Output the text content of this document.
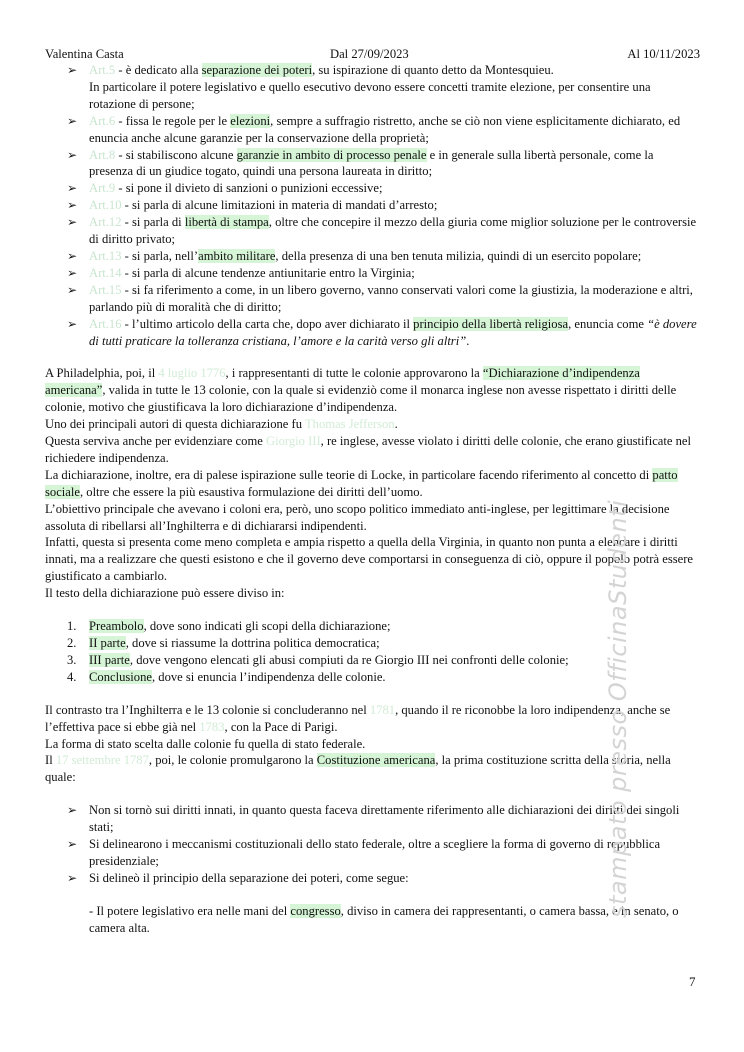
Valentina Casta	Dal 27/09/2023	Al 10/11/2023
➢ Art.5 - è dedicato alla separazione dei poteri, su ispirazione di quanto detto da Montesquieu.
In particolare il potere legislativo e quello esecutivo devono essere concetti tramite elezione, per consentire una rotazione di persone;
➢ Art.6 - fissa le regole per le elezioni, sempre a suffragio ristretto, anche se ciò non viene esplicitamente dichiarato, ed enuncia anche alcune garanzie per la conservazione della proprietà;
➢ Art.8 - si stabiliscono alcune garanzie in ambito di processo penale e in generale sulla libertà personale, come la presenza di un giudice togato, quindi una persona laureata in diritto;
➢ Art.9 - si pone il divieto di sanzioni o punizioni eccessive;
➢ Art.10 - si parla di alcune limitazioni in materia di mandati d’arresto;
➢ Art.12 - si parla di libertà di stampa, oltre che concepire il mezzo della giuria come miglior soluzione per le controversie di diritto privato;
➢ Art.13 - si parla, nell’ambito militare, della presenza di una ben tenuta milizia, quindi di un esercito popolare;
➢ Art.14 - si parla di alcune tendenze antiunitarie entro la Virginia;
➢ Art.15 - si fa riferimento a come, in un libero governo, vanno conservati valori come la giustizia, la moderazione e altri, parlando più di moralità che di diritto;
➢ Art.16 - l’ultimo articolo della carta che, dopo aver dichiarato il principio della libertà religiosa, enuncia come “è dovere di tutti praticare la tolleranza cristiana, l’amore e la carità verso gli altri”.

A Philadelphia, poi, il 4 luglio 1776, i rappresentanti di tutte le colonie approvarono la “Dichiarazione d’indipendenza americana”, valida in tutte le 13 colonie, con la quale si evidenziò come il monarca inglese non avesse rispettato i diritti delle colonie, motivo che giustificava la loro dichiarazione d’indipendenza.

Uno dei principali autori di questa dichiarazione fu Thomas Jefferson.

Questa serviva anche per evidenziare come Giorgio III, re inglese, avesse violato i diritti delle colonie, che erano giustificate nel richiedere indipendenza.

La dichiarazione, inoltre, era di palese ispirazione sulle teorie di Locke, in particolare facendo riferimento al concetto di patto sociale, oltre che essere la più esaustiva formulazione dei diritti dell’uomo.

L’obiettivo principale che avevano i coloni era, però, uno scopo politico immediato anti-inglese, per legittimare la decisione assoluta di ribellarsi all’Inghilterra e di dichiararsi indipendenti.

Infatti, questa si presenta come meno completa e ampia rispetto a quella della Virginia, in quanto non punta a elencare i diritti innati, ma a realizzare che questi esistono e che il governo deve comportarsi in conseguenza di ciò, oppure il popolo potrà essere giustificato a cambiarlo.

Il testo della dichiarazione può essere diviso in:

1. Preambolo, dove sono indicati gli scopi della dichiarazione;
2. II parte, dove si riassume la dottrina politica democratica;
3. III parte, dove vengono elencati gli abusi compiuti da re Giorgio III nei confronti delle colonie;
4. Conclusione, dove si enuncia l’indipendenza delle colonie.

Il contrasto tra l’Inghilterra e le 13 colonie si concluderanno nel 1781, quando il re riconobbe la loro indipendenza, anche se l’effettiva pace si ebbe già nel 1783, con la Pace di Parigi.

La forma di stato scelta dalle colonie fu quella di stato federale.

Il 17 settembre 1787, poi, le colonie promulgarono la Costituzione americana, la prima costituzione scritta della storia, nella quale:

➢ Non si tornò sui diritti innati, in quanto questa faceva direttamente riferimento alle dichiarazioni dei diritti dei singoli stati;
➢ Si delinearono i meccanismi costituzionali dello stato federale, oltre a scegliere la forma di governo di repubblica presidenziale;
➢ Si delineò il principio della separazione dei poteri, come segue:

- Il potere legislativo era nelle mani del congresso, diviso in camera dei rappresentanti, o camera bassa, e in senato, o camera alta.

7
stampato presso OfficinaStudenti
